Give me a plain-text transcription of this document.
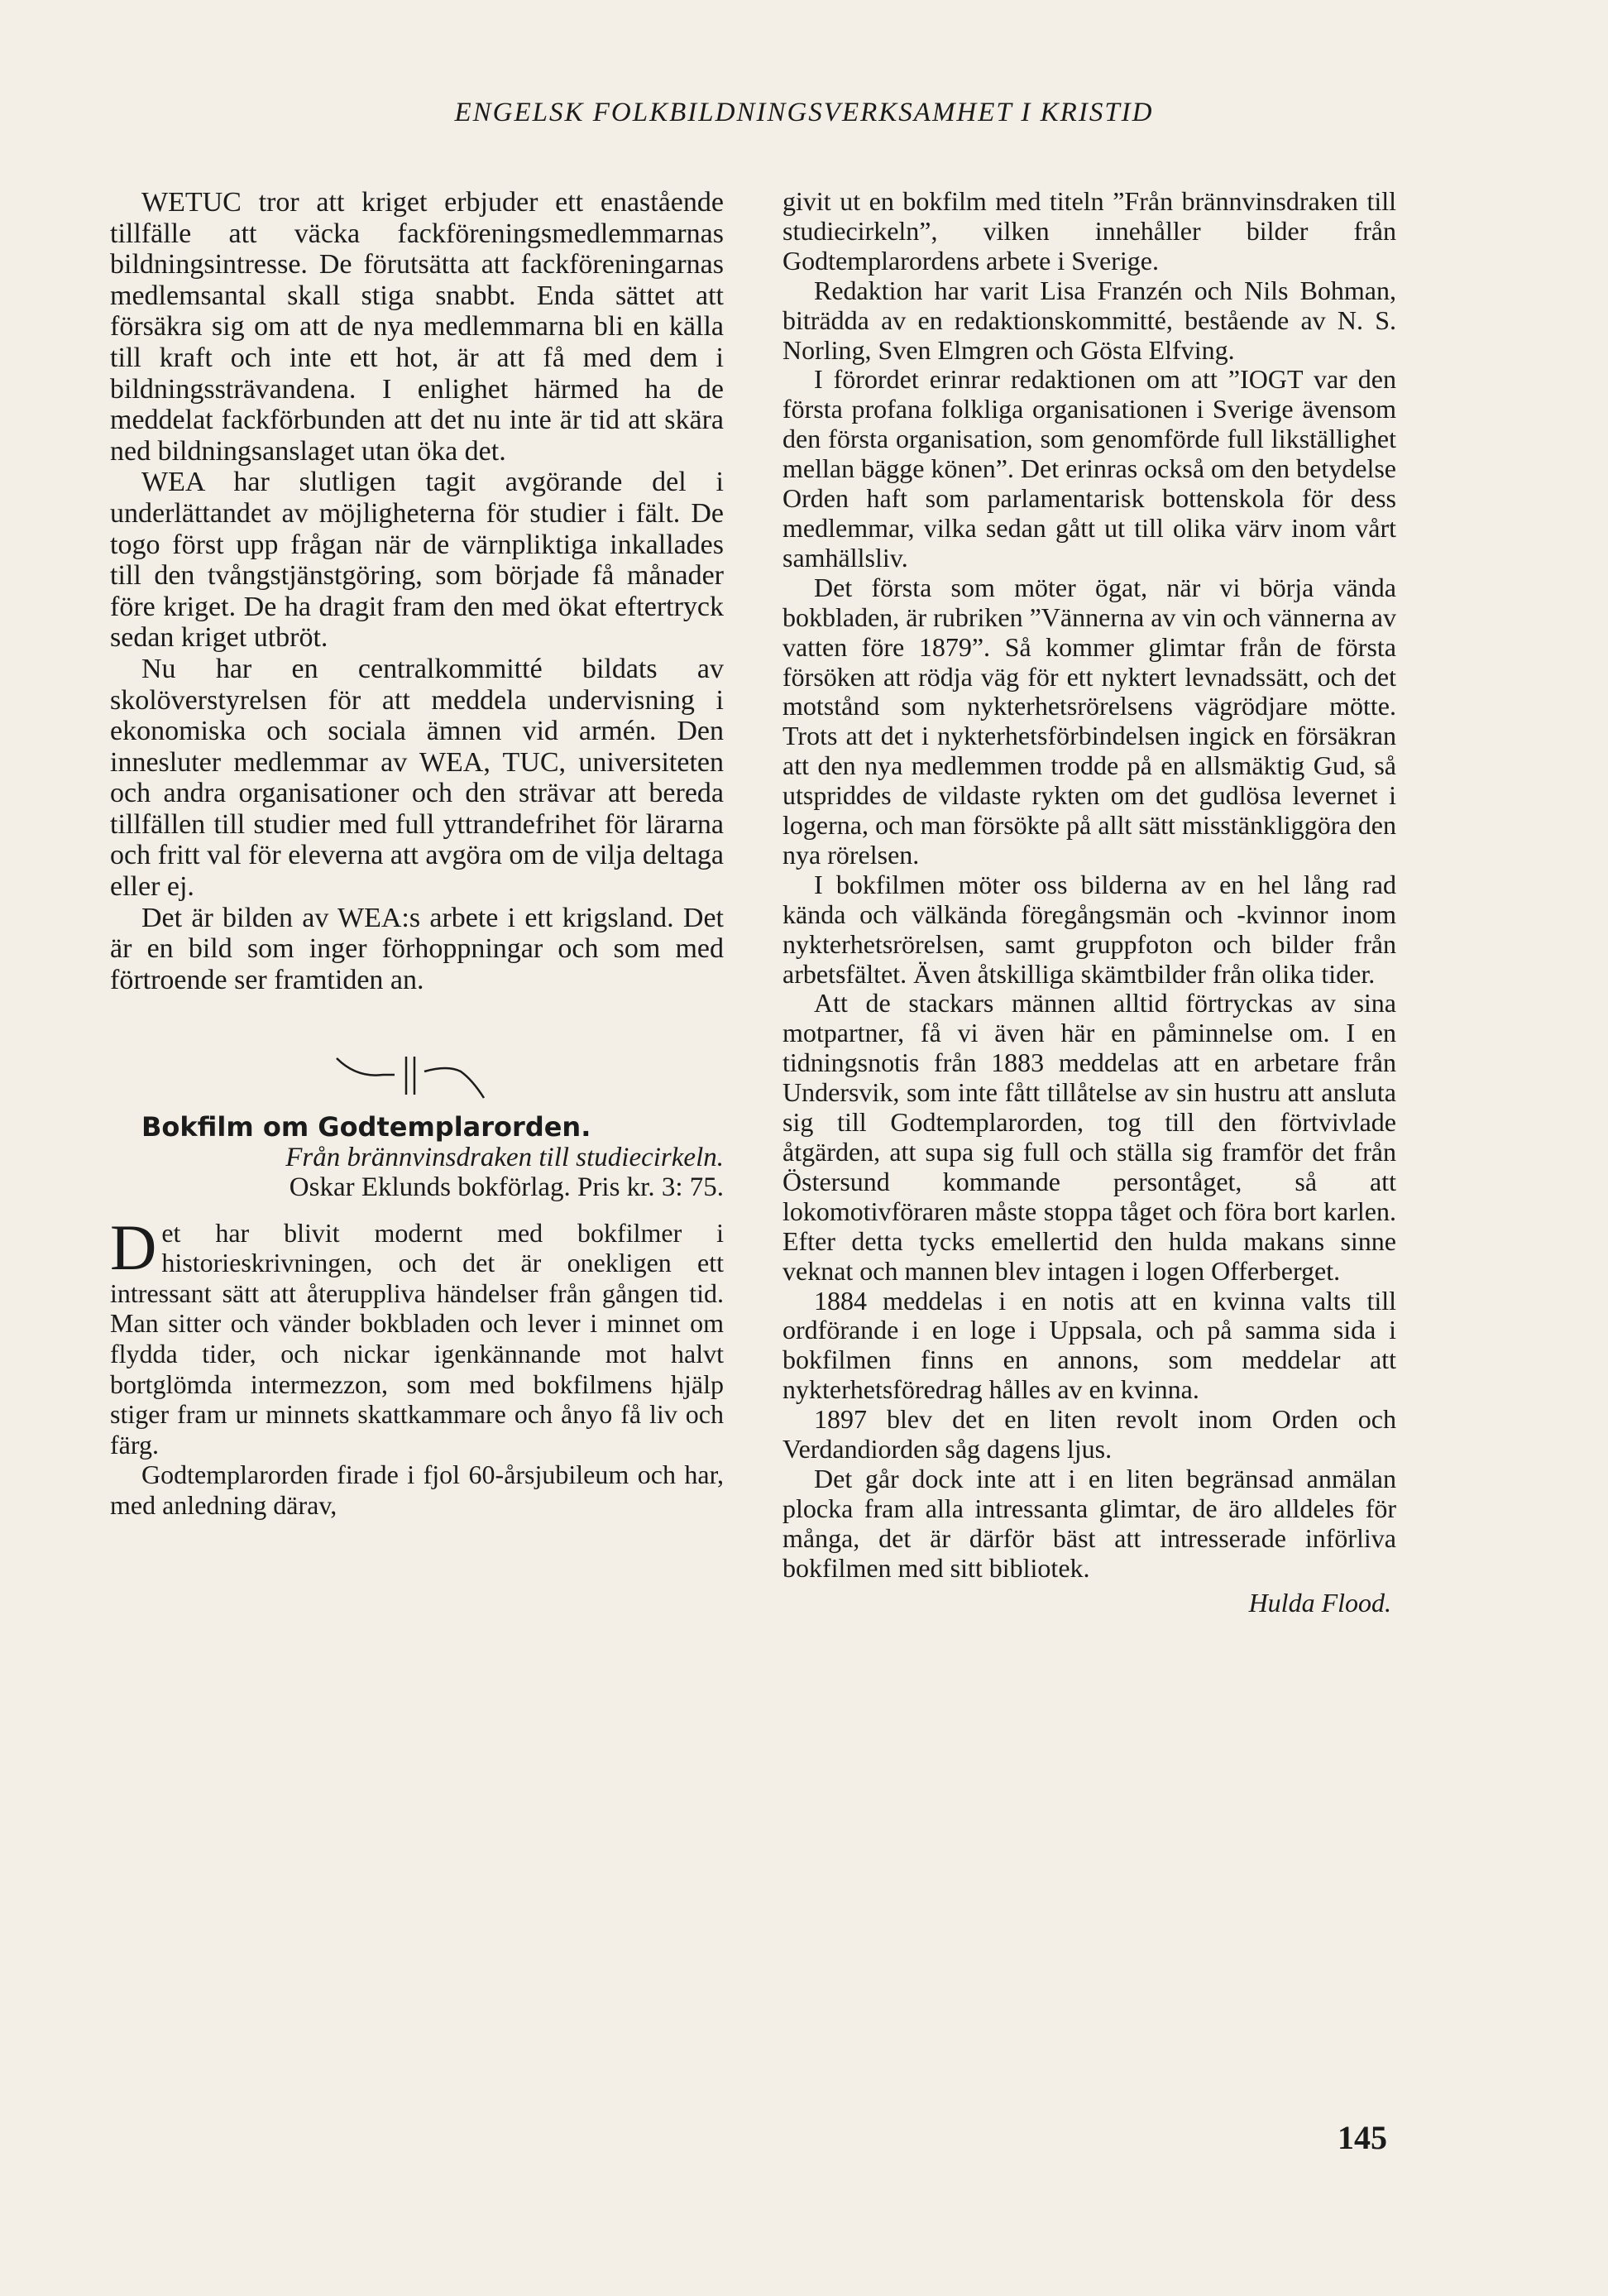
ENGELSK FOLKBILDNINGSVERKSAMHET I KRISTID

WETUC tror att kriget erbjuder ett enastående tillfälle att väcka fackföreningsmedlemmarnas bildningsintresse. De förutsätta att fackföreningarnas medlemsantal skall stiga snabbt. Enda sättet att försäkra sig om att de nya medlemmarna bli en källa till kraft och inte ett hot, är att få med dem i bildningssträvandena. I enlighet härmed ha de meddelat fackförbunden att det nu inte är tid att skära ned bildningsanslaget utan öka det.

WEA har slutligen tagit avgörande del i underlättandet av möjligheterna för studier i fält. De togo först upp frågan när de värnpliktiga inkallades till den tvångstjänstgöring, som började få månader före kriget. De ha dragit fram den med ökat eftertryck sedan kriget utbröt.

Nu har en centralkommitté bildats av skolöverstyrelsen för att meddela undervisning i ekonomiska och sociala ämnen vid armén. Den innesluter medlemmar av WEA, TUC, universiteten och andra organisationer och den strävar att bereda tillfällen till studier med full yttrandefrihet för lärarna och fritt val för eleverna att avgöra om de vilja deltaga eller ej.

Det är bilden av WEA:s arbete i ett krigsland. Det är en bild som inger förhoppningar och som med förtroende ser framtiden an.

Bokfilm om Godtemplarorden.

Från brännvinsdraken till studiecirkeln.
Oskar Eklunds bokförlag. Pris kr. 3: 75.

Det har blivit modernt med bokfilmer i historieskrivningen, och det är onekligen ett intressant sätt att återuppliva händelser från gången tid. Man sitter och vänder bokbladen och lever i minnet om flydda tider, och nickar igenkännande mot halvt bortglömda intermezzon, som med bokfilmens hjälp stiger fram ur minnets skattkammare och ånyo få liv och färg.

Godtemplarorden firade i fjol 60-årsjubileum och har, med anledning därav,

givit ut en bokfilm med titeln ”Från brännvinsdraken till studiecirkeln”, vilken innehåller bilder från Godtemplarordens arbete i Sverige.

Redaktion har varit Lisa Franzén och Nils Bohman, biträdda av en redaktionskommitté, bestående av N. S. Norling, Sven Elmgren och Gösta Elfving.

I förordet erinrar redaktionen om att ”IOGT var den första profana folkliga organisationen i Sverige ävensom den första organisation, som genomförde full likställighet mellan bägge könen”. Det erinras också om den betydelse Orden haft som parlamentarisk bottenskola för dess medlemmar, vilka sedan gått ut till olika värv inom vårt samhällsliv.

Det första som möter ögat, när vi börja vända bokbladen, är rubriken ”Vännerna av vin och vännerna av vatten före 1879”. Så kommer glimtar från de första försöken att rödja väg för ett nyktert levnadssätt, och det motstånd som nykterhetsrörelsens vägrödjare mötte. Trots att det i nykterhetsförbindelsen ingick en försäkran att den nya medlemmen trodde på en allsmäktig Gud, så utspriddes de vildaste rykten om det gudlösa levernet i logerna, och man försökte på allt sätt misstänkliggöra den nya rörelsen.

I bokfilmen möter oss bilderna av en hel lång rad kända och välkända föregångsmän och -kvinnor inom nykterhetsrörelsen, samt gruppfoton och bilder från arbetsfältet. Även åtskilliga skämtbilder från olika tider.

Att de stackars männen alltid förtryckas av sina motpartner, få vi även här en påminnelse om. I en tidningsnotis från 1883 meddelas att en arbetare från Undersvik, som inte fått tillåtelse av sin hustru att ansluta sig till Godtemplarorden, tog till den förtvivlade åtgärden, att supa sig full och ställa sig framför det från Östersund kommande persontåget, så att lokomotivföraren måste stoppa tåget och föra bort karlen. Efter detta tycks emellertid den hulda makans sinne veknat och mannen blev intagen i logen Offerberget.

1884 meddelas i en notis att en kvinna valts till ordförande i en loge i Uppsala, och på samma sida i bokfilmen finns en annons, som meddelar att nykterhetsföredrag hålles av en kvinna.

1897 blev det en liten revolt inom Orden och Verdandiorden såg dagens ljus.

Det går dock inte att i en liten begränsad anmälan plocka fram alla intressanta glimtar, de äro alldeles för många, det är därför bäst att intresserade införliva bokfilmen med sitt bibliotek.

Hulda Flood.
145
